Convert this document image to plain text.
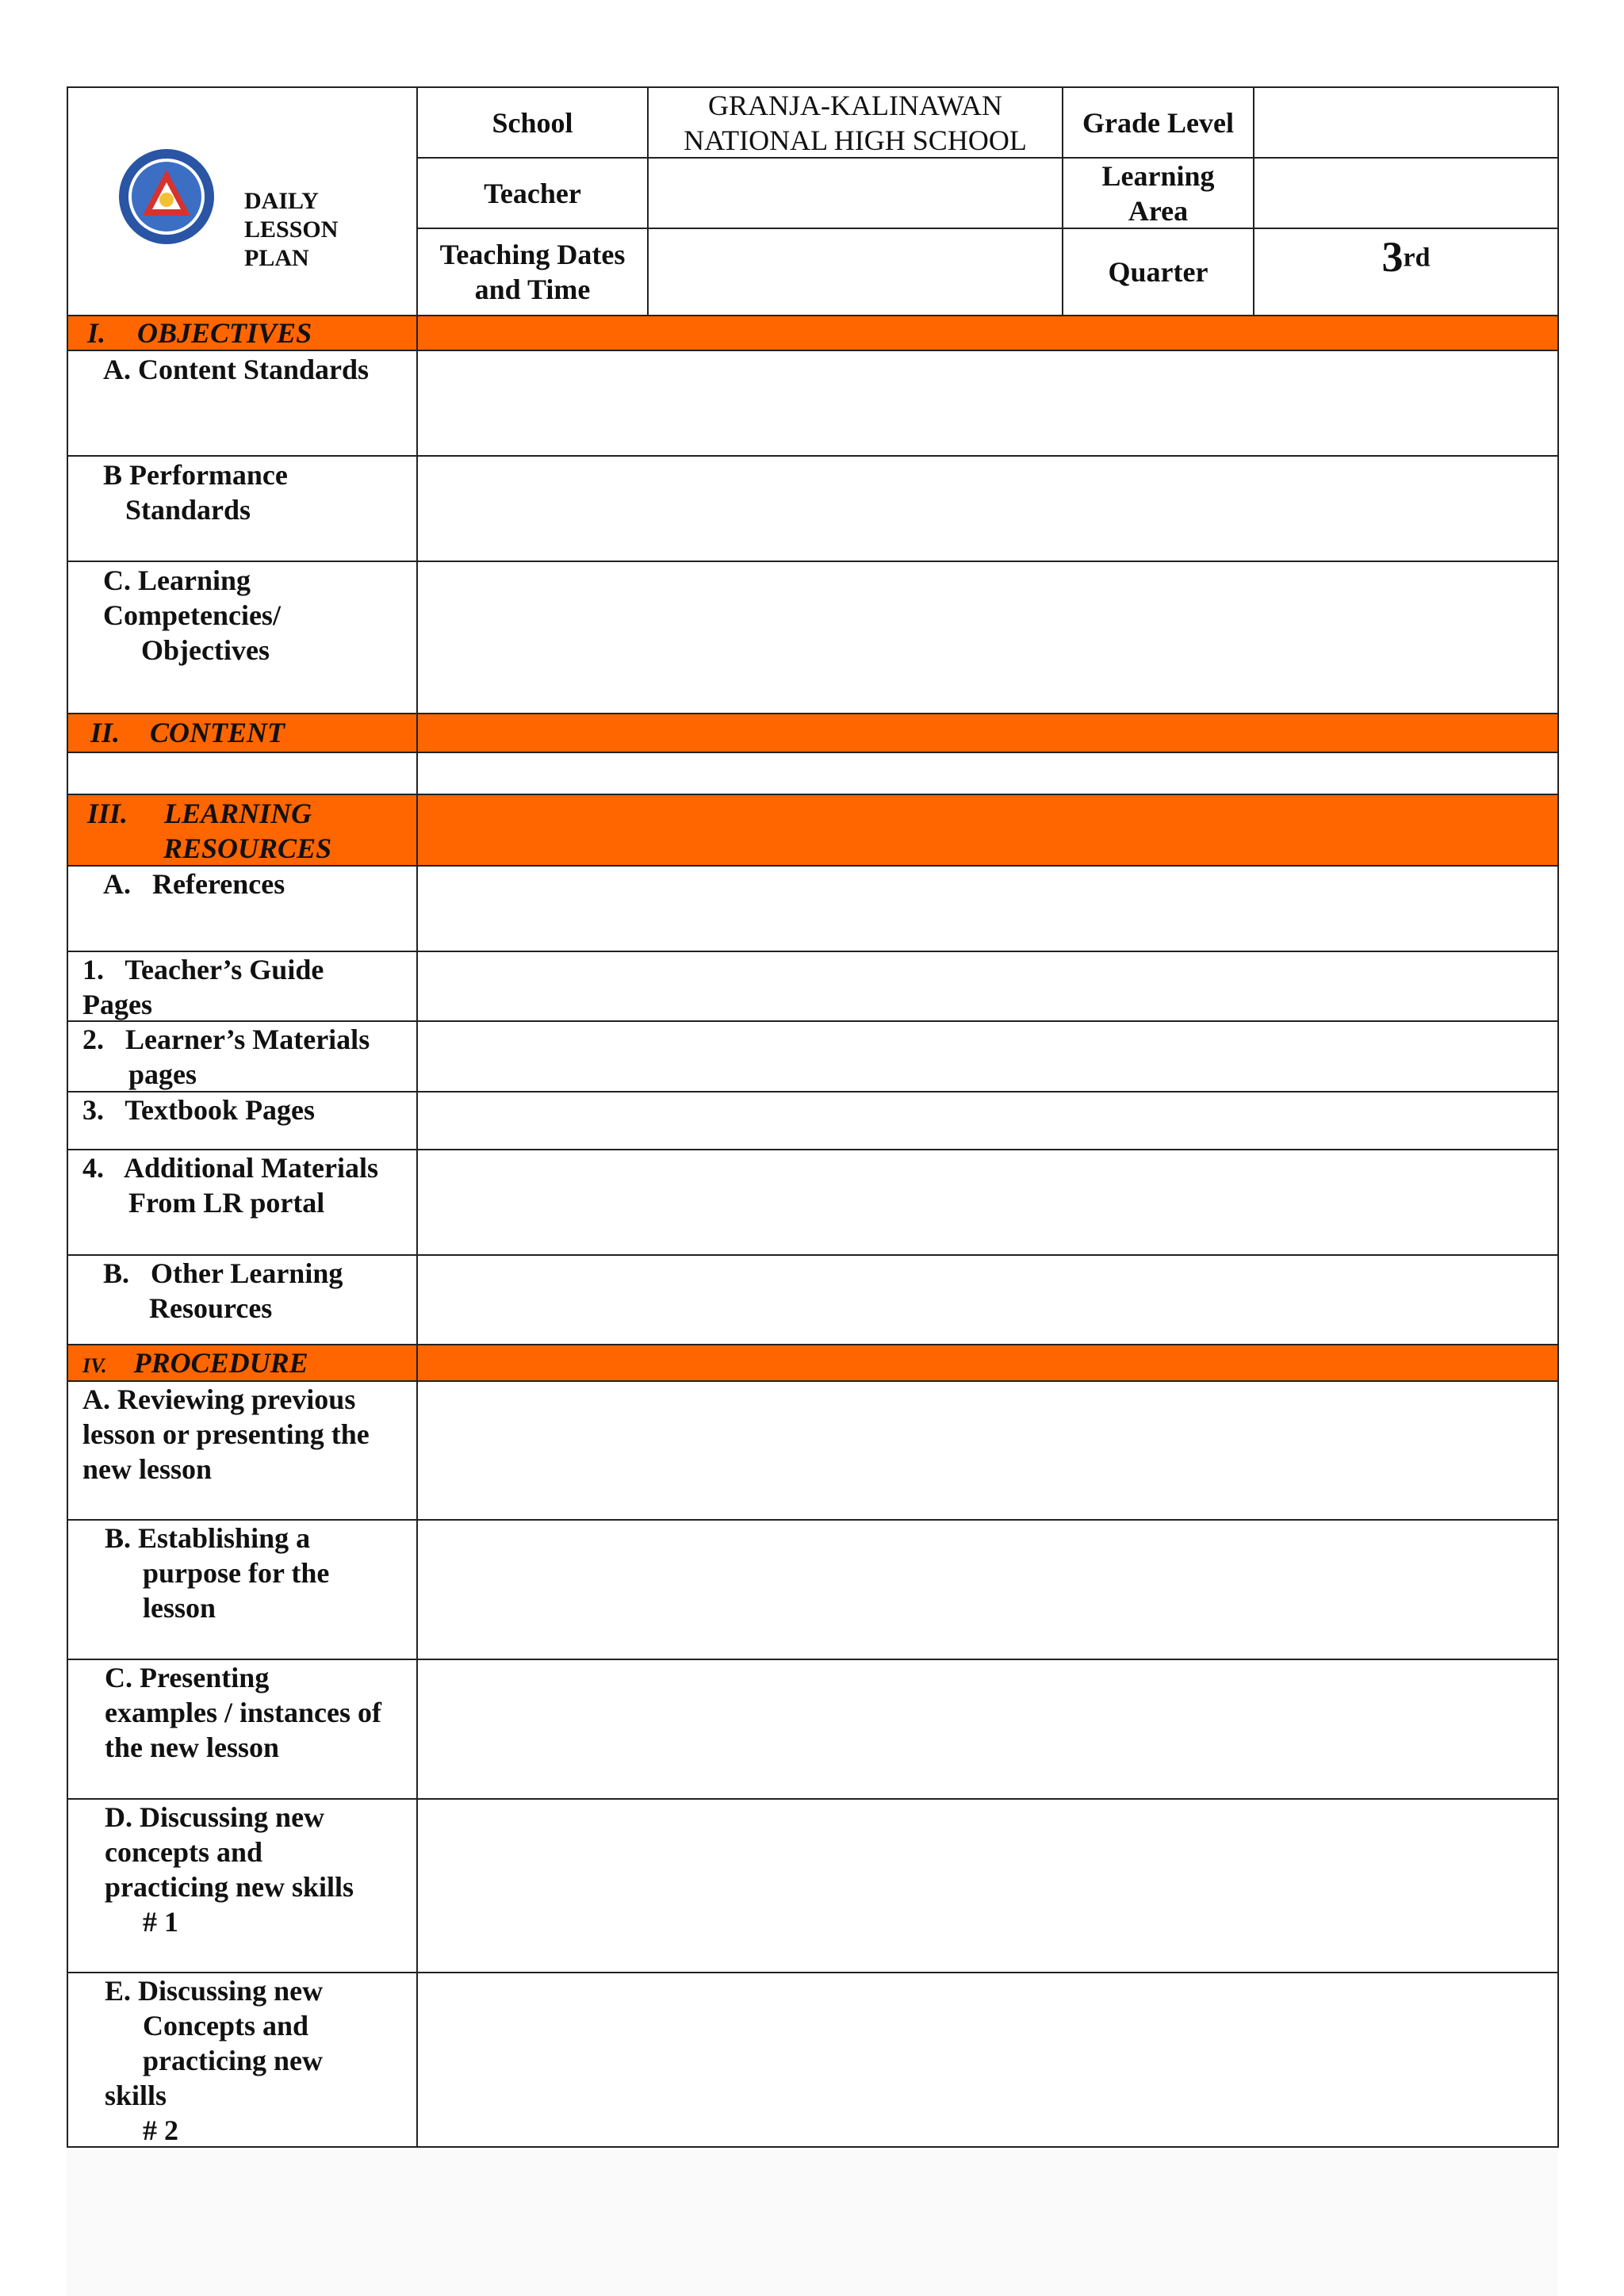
DAILY
LESSON
PLAN
School
GRANJA-KALINAWAN
NATIONAL HIGH SCHOOL
Grade Level
Teacher
Learning
Area
Teaching Dates
and Time
Quarter	3rd
I. OBJECTIVES
A. Content Standards
B Performance
Standards
C. Learning
Competencies/
Objectives
II. CONTENT
III. LEARNING
RESOURCES
A.   References
1.   Teacher’s Guide
Pages
2.   Learner’s Materials
pages
3.   Textbook Pages
4.   Additional Materials
From LR portal
B.   Other Learning
Resources
IV. PROCEDURE
A. Reviewing previous
lesson or presenting the
new lesson
B. Establishing a
purpose for the
lesson
C. Presenting
examples / instances of
the new lesson
D. Discussing new
concepts and
practicing new skills
# 1
E. Discussing new
Concepts and
practicing new
skills
# 2
